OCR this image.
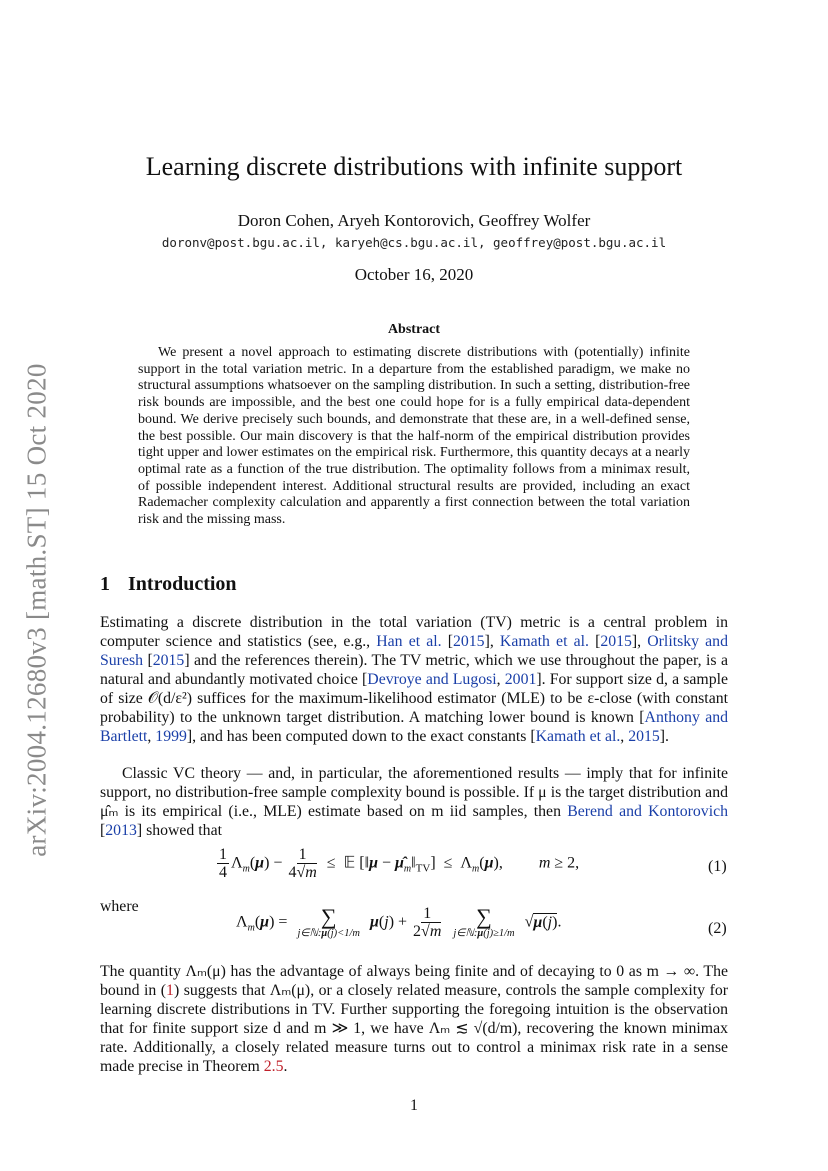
arXiv:2004.12680v3 [math.ST] 15 Oct 2020
Learning discrete distributions with infinite support
Doron Cohen, Aryeh Kontorovich, Geoffrey Wolfer
doronv@post.bgu.ac.il, karyeh@cs.bgu.ac.il, geoffrey@post.bgu.ac.il
October 16, 2020
Abstract
We present a novel approach to estimating discrete distributions with (potentially) infinite support in the total variation metric. In a departure from the established paradigm, we make no structural assumptions whatsoever on the sampling distribution. In such a setting, distribution-free risk bounds are impossible, and the best one could hope for is a fully empirical data-dependent bound. We derive precisely such bounds, and demonstrate that these are, in a well-defined sense, the best possible. Our main discovery is that the half-norm of the empirical distribution provides tight upper and lower estimates on the empirical risk. Furthermore, this quantity decays at a nearly optimal rate as a function of the true distribution. The optimality follows from a minimax result, of possible independent interest. Additional structural results are provided, including an exact Rademacher complexity calculation and apparently a first connection between the total variation risk and the missing mass.
1 Introduction
Estimating a discrete distribution in the total variation (TV) metric is a central problem in computer science and statistics (see, e.g., Han et al. [2015], Kamath et al. [2015], Orlitsky and Suresh [2015] and the references therein). The TV metric, which we use throughout the paper, is a natural and abundantly motivated choice [Devroye and Lugosi, 2001]. For support size d, a sample of size 𝒪(d/ε²) suffices for the maximum-likelihood estimator (MLE) to be ε-close (with constant probability) to the unknown target distribution. A matching lower bound is known [Anthony and Bartlett, 1999], and has been computed down to the exact constants [Kamath et al., 2015].
Classic VC theory — and, in particular, the aforementioned results — imply that for infinite support, no distribution-free sample complexity bound is possible. If μ is the target distribution and μ̂ₘ is its empirical (i.e., MLE) estimate based on m iid samples, then Berend and Kontorovich [2013] showed that
$\frac{1}{4} \Lambda_m(\mu) - \frac{1}{4√m}$ ≤  𝔼 [‖μ − $\mû_m‖_{TV}] \le \Lambda_m(\mu)$,         m ≥ 2,	(1)
where
$\Lambda_m(\mu)$ = ∑
j∈ℕ:μ(j)<1/m
$\mu(j) + \frac{1}{2√m}$
∑
j∈ℕ:μ(j)≥1/m
√μ(j).	(2)
The quantity Λₘ(μ) has the advantage of always being finite and of decaying to 0 as m → ∞. The bound in (1) suggests that Λₘ(μ), or a closely related measure, controls the sample complexity for learning discrete distributions in TV. Further supporting the foregoing intuition is the observation that for finite support size d and m ≫ 1, we have Λₘ ≲ √(d/m), recovering the known minimax rate. Additionally, a closely related measure turns out to control a minimax risk rate in a sense made precise in Theorem 2.5.
1
